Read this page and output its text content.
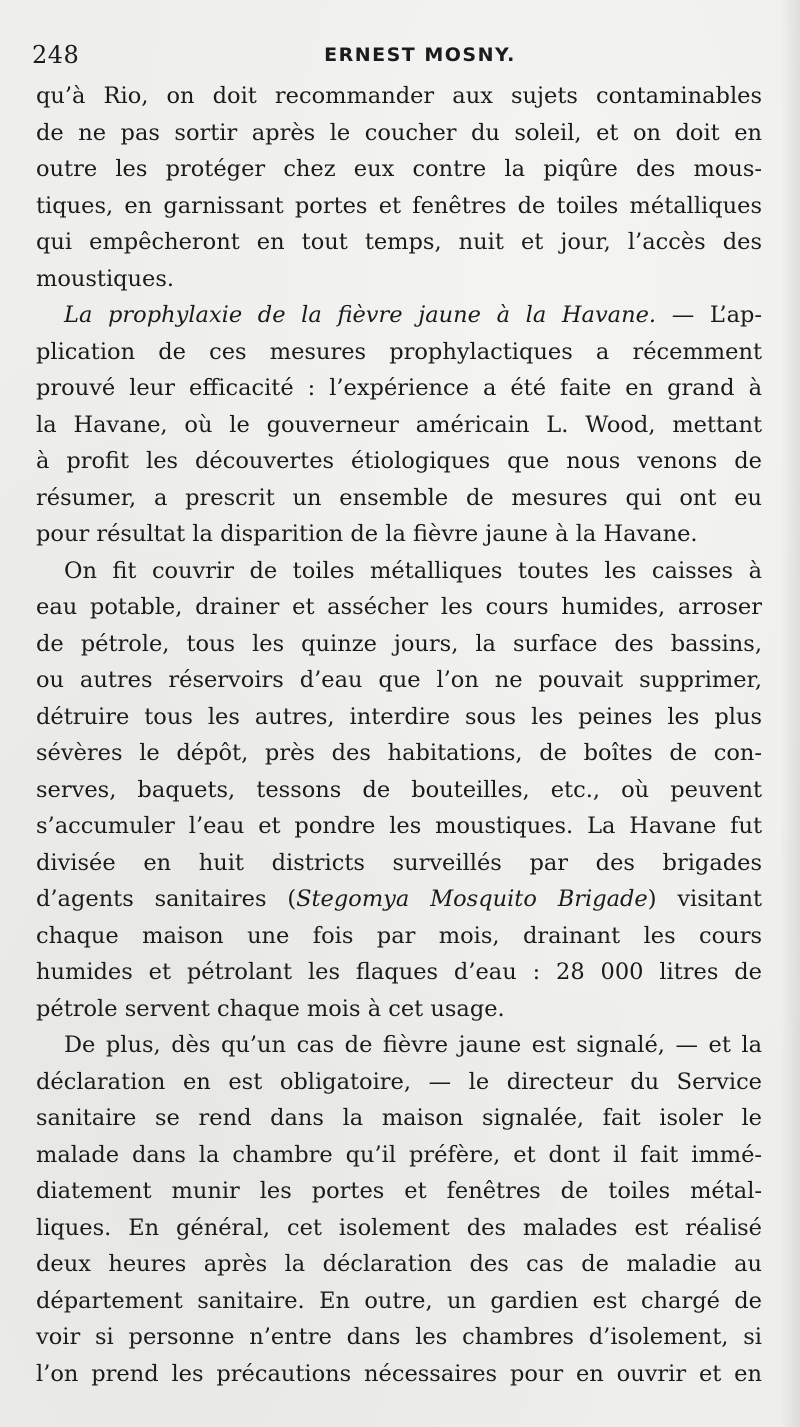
248	ERNEST MOSNY.
qu’à Rio, on doit recommander aux sujets contaminables
de ne pas sortir après le coucher du soleil, et on doit en
outre les protéger chez eux contre la piqûre des mous-
tiques, en garnissant portes et fenêtres de toiles métalliques
qui empêcheront en tout temps, nuit et jour, l’accès des
moustiques.
La prophylaxie de la fièvre jaune à la Havane. — L’ap-
plication de ces mesures prophylactiques a récemment
prouvé leur efficacité : l’expérience a été faite en grand à
la Havane, où le gouverneur américain L. Wood, mettant
à profit les découvertes étiologiques que nous venons de
résumer, a prescrit un ensemble de mesures qui ont eu
pour résultat la disparition de la fièvre jaune à la Havane.
On fit couvrir de toiles métalliques toutes les caisses à
eau potable, drainer et assécher les cours humides, arroser
de pétrole, tous les quinze jours, la surface des bassins,
ou autres réservoirs d’eau que l’on ne pouvait supprimer,
détruire tous les autres, interdire sous les peines les plus
sévères le dépôt, près des habitations, de boîtes de con-
serves, baquets, tessons de bouteilles, etc., où peuvent
s’accumuler l’eau et pondre les moustiques. La Havane fut
divisée en huit districts surveillés par des brigades
d’agents sanitaires (Stegomya Mosquito Brigade) visitant
chaque maison une fois par mois, drainant les cours
humides et pétrolant les flaques d’eau : 28 000 litres de
pétrole servent chaque mois à cet usage.
De plus, dès qu’un cas de fièvre jaune est signalé, — et la
déclaration en est obligatoire, — le directeur du Service
sanitaire se rend dans la maison signalée, fait isoler le
malade dans la chambre qu’il préfère, et dont il fait immé-
diatement munir les portes et fenêtres de toiles métal-
liques. En général, cet isolement des malades est réalisé
deux heures après la déclaration des cas de maladie au
département sanitaire. En outre, un gardien est chargé de
voir si personne n’entre dans les chambres d’isolement, si
l’on prend les précautions nécessaires pour en ouvrir et en
